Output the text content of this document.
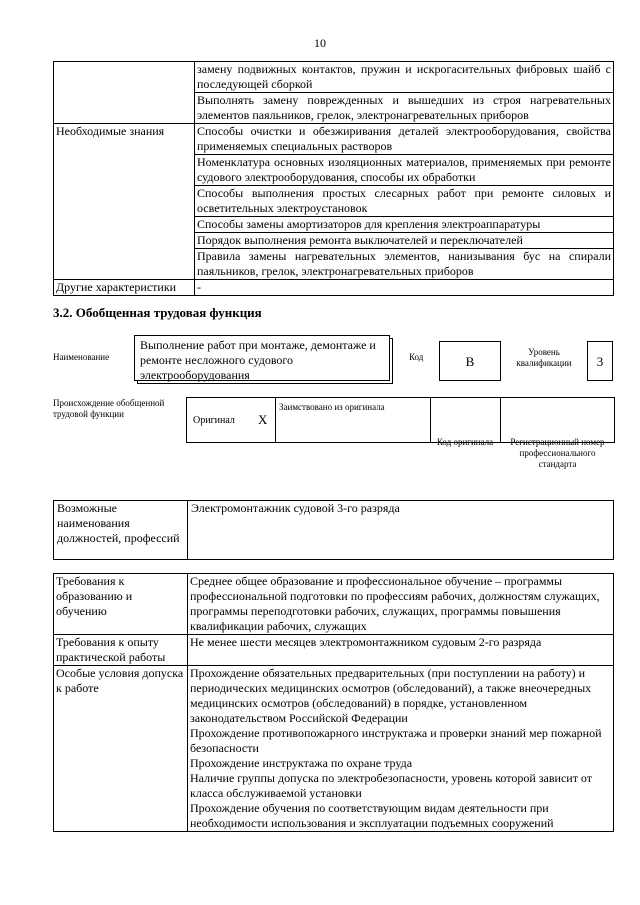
10
	замену подвижных контактов, пружин и искрогасительных фибровых шайб с последующей сборкой
	Выполнять замену поврежденных и вышедших из строя нагревательных элементов паяльников, грелок, электронагревательных приборов
Необходимые знания	Способы очистки и обезжиривания деталей электрооборудования, свойства применяемых специальных растворов
	Номенклатура основных изоляционных материалов, применяемых при ремонте судового электрооборудования, способы их обработки
	Способы выполнения простых слесарных работ при ремонте силовых и осветительных электроустановок
	Способы замены амортизаторов для крепления электроаппаратуры
	Порядок выполнения ремонта выключателей и переключателей
	Правила замены нагревательных элементов, нанизывания бус на спирали паяльников, грелок, электронагревательных приборов
Другие характеристики	-
3.2. Обобщенная трудовая функция
Наименование
Выполнение работ при монтаже, демонтаже и ремонте несложного судового электрооборудования
Код	B
Уровень квалификации	3
Происхождение обобщенной трудовой функции
Оригинал	X	Заимствовано из оригинала		
Код оригинала	Регистрационный номер профессионального стандарта
Возможные наименования должностей, профессий	Электромонтажник судовой 3-го разряда
Требования к образованию и обучению	Среднее общее образование и профессиональное обучение – программы профессиональной подготовки по профессиям рабочих, должностям служащих, программы переподготовки рабочих, служащих, программы повышения квалификации рабочих, служащих
Требования к опыту практической работы	Не менее шести месяцев электромонтажником судовым 2-го разряда
Особые условия допуска к работе	Прохождение обязательных предварительных (при поступлении на работу) и периодических медицинских осмотров (обследований), а также внеочередных медицинских осмотров (обследований) в порядке, установленном законодательством Российской Федерации
Прохождение противопожарного инструктажа и проверки знаний мер пожарной безопасности
Прохождение инструктажа по охране труда
Наличие группы допуска по электробезопасности, уровень которой зависит от класса обслуживаемой установки
Прохождение обучения по соответствующим видам деятельности при необходимости использования и эксплуатации подъемных сооружений
